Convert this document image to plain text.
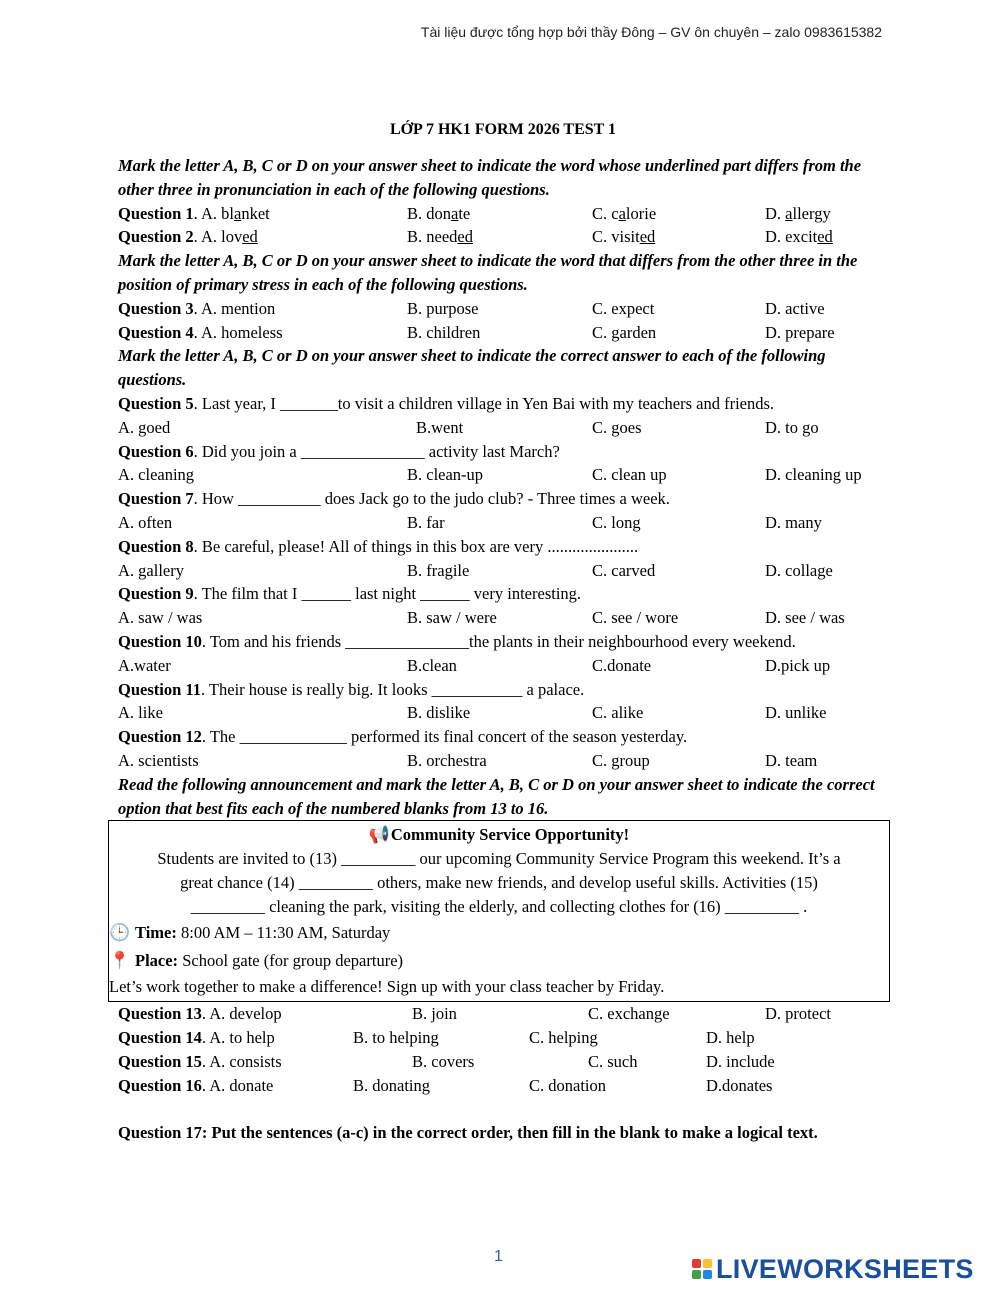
Tài liệu được tổng hợp bởi thầy Đông – GV ôn chuyên – zalo 0983615382
LỚP 7 HK1 FORM 2026 TEST 1
Mark the letter A, B, C or D on your answer sheet to indicate the word whose underlined part differs from the other three in pronunciation in each of the following questions.
Question 1. A. blanket	B. donate	C. calorie	D. allergy
Question 2. A. loved	B. needed	C. visited	D. excited
Mark the letter A, B, C or D on your answer sheet to indicate the word that differs from the other three in the position of primary stress in each of the following questions.
Question 3. A. mention	B. purpose	C. expect	D. active
Question 4. A. homeless	B. children	C. garden	D. prepare
Mark the letter A, B, C or D on your answer sheet to indicate the correct answer to each of the following questions.
Question 5. Last year, I _______to visit a children village in Yen Bai with my teachers and friends.
A. goed	B.went	C. goes	D. to go
Question 6. Did you join a _______________ activity last March?
A. cleaning	B. clean-up	C. clean up	D. cleaning up
Question 7. How __________ does Jack go to the judo club? - Three times a week.
A. often	B. far	C. long	D. many
Question 8. Be careful, please! All of things in this box are very ......................
A. gallery	B. fragile	C. carved	D. collage
Question 9. The film that I ______ last night ______ very interesting.
A. saw / was	B. saw / were	C. see / wore	D. see / was
Question 10. Tom and his friends _______________the plants in their neighbourhood every weekend.
A.water	B.clean	C.donate	D.pick up
Question 11. Their house is really big. It looks ___________ a palace.
A. like	B. dislike	C. alike	D. unlike
Question 12. The _____________ performed its final concert of the season yesterday.
A. scientists	B. orchestra	C. group	D. team
Read the following announcement and mark the letter A, B, C or D on your answer sheet to indicate the correct option that best fits each of the numbered blanks from 13 to 16.
📢Community Service Opportunity!
Students are invited to (13) _________ our upcoming Community Service Program this weekend. It’s a
great chance (14) _________ others, make new friends, and develop useful skills. Activities (15)
_________ cleaning the park, visiting the elderly, and collecting clothes for (16) _________ .
🕒 Time: 8:00 AM – 11:30 AM, Saturday
📍 Place: School gate (for group departure)
Let’s work together to make a difference! Sign up with your class teacher by Friday.
Question 13. A. develop	B. join	C. exchange	D. protect
Question 14. A. to help	B. to helping	C. helping	D. help
Question 15. A. consists	B. covers	C. such	D. include
Question 16. A. donate	B. donating	C. donation	D.donates
Question 17: Put the sentences (a-c) in the correct order, then fill in the blank to make a logical text.
1	LIVEWORKSHEETS
